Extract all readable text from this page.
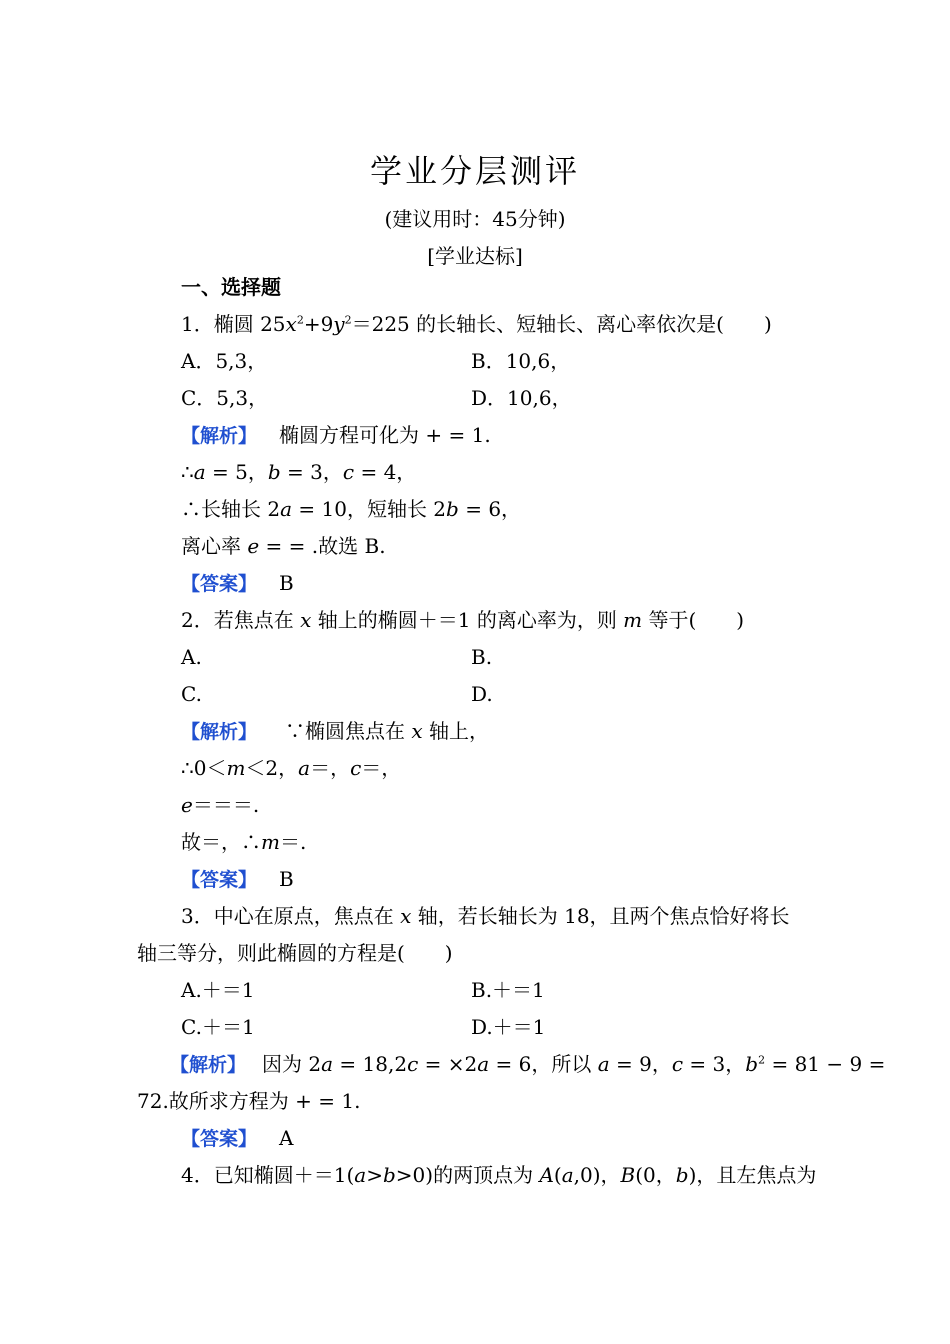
学业分层测评
(建议用时：45分钟)
[学业达标]
一、选择题
1．椭圆 $25x^2+9y^2=225$ 的长轴长、短轴长、离心率依次是(　　)
A．5,3，	B．10,6，
C．5,3，	D．10,6，
【解析】 椭圆方程可化为 + = 1.
∴a = 5，b = 3，c = 4，
∴长轴长 2a = 10，短轴长 2b = 6，
离心率 e = = .故选 B.
【答案】 B
2．若焦点在 x 轴上的椭圆＋＝1 的离心率为，则 m 等于(　　)
A.	B.
C.	D.
【解析】 ∵椭圆焦点在 x 轴上，
∴0＜m＜2，a＝，c＝，
e＝＝＝.
故＝，∴m＝.
【答案】 B
3．中心在原点，焦点在 x 轴，若长轴长为 18，且两个焦点恰好将长
轴三等分，则此椭圆的方程是(　　)
A.＋＝1	B.＋＝1
C.＋＝1	D.＋＝1
【解析】 因为 2a = 18,2c = ×2a = 6，所以 a = 9，c = 3，$b^2 = 81 - 9$ =
72.故所求方程为 + = 1.
【答案】 A
4．已知椭圆＋＝1(a>b>0)的两顶点为 A(a,0)，B(0，b)，且左焦点为
